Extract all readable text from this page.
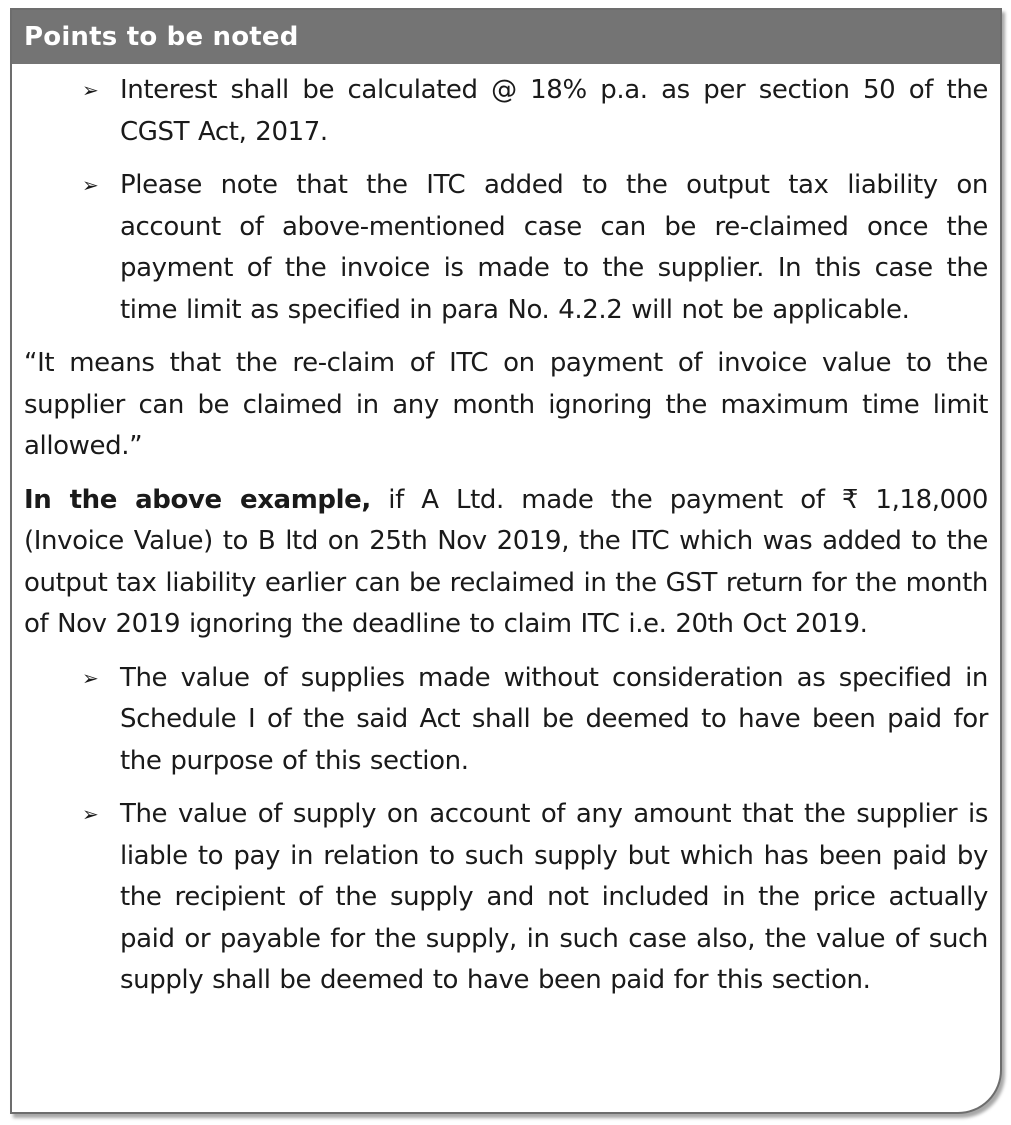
Points to be noted
➢ Interest shall be calculated @ 18% p.a. as per section 50 of the CGST Act, 2017.
➢ Please note that the ITC added to the output tax liability on account of above-mentioned case can be re-claimed once the payment of the invoice is made to the supplier. In this case the time limit as specified in para No. 4.2.2 will not be applicable.

“It means that the re-claim of ITC on payment of invoice value to the supplier can be claimed in any month ignoring the maximum time limit allowed.”

In the above example, if A Ltd. made the payment of ₹ 1,18,000 (Invoice Value) to B ltd on 25th Nov 2019, the ITC which was added to the output tax liability earlier can be reclaimed in the GST return for the month of Nov 2019 ignoring the deadline to claim ITC i.e. 20th Oct 2019.

➢ The value of supplies made without consideration as specified in Schedule I of the said Act shall be deemed to have been paid for the purpose of this section.
➢ The value of supply on account of any amount that the supplier is liable to pay in relation to such supply but which has been paid by the recipient of the supply and not included in the price actually paid or payable for the supply, in such case also, the value of such supply shall be deemed to have been paid for this section.
